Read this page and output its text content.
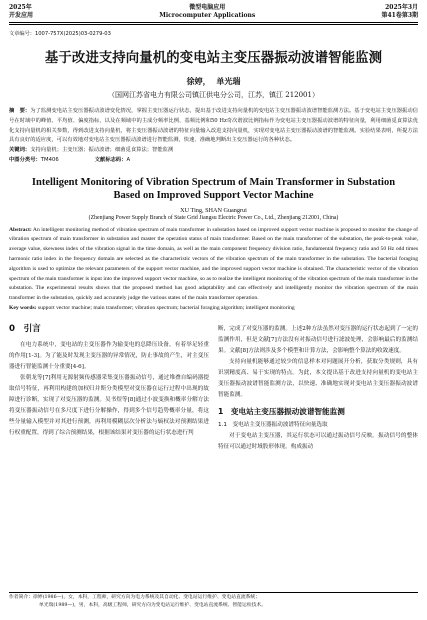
2025年
开发应用
微型电脑应用
Microcomputer Applications
2025年3月
第41卷第3期
文章编号：1007-757X(2025)03-0279-03
基于改进支持向量机的变电站主变压器振动波谱智能监测
徐婷， 单光瑞
（国网江苏省电力有限公司镇江供电分公司，江苏，镇江 212001）
摘　要：为了监测变电站主变压器振动波谱变化情况，掌握主变压器运行状态，提出基于改进支持向量机的变电站主变压器振动波谱智能监测方法。基于变电站主变压器振动信号在时域中的峰值、平均值、偏度指标，以及在频域中的主成分频率比例、基频比例和50 Hz奇次谐波比例指标作为变电站主变压器振动波谱的特征向量，利用细菌觅食算法优化支持向量机的相关参数，得到改进支持向量机，将主变压器振动波谱的特征向量输入改进支持向量机，实现对变电站主变压器振动波谱的智能监测。实验结果表明，所提方法具有良好的适应度，可以有效地对变电站主变压器振动波谱进行智能监测，快速、准确地判断出主变压器运行的各种状态。
关键词：支持向量机；主变压器；振动波谱；细菌觅食算法；智能监测
中图分类号：TM406	文献标志码：A
Intelligent Monitoring of Vibration Spectrum of Main Transformer in Substation
Based on Improved Support Vector Machine
XU Ting, SHAN Guangrui
(Zhenjiang Power Supply Branch of State Grid Jiangsu Electric Power Co., Ltd., Zhenjiang 212001, China)
Abstract: An intelligent monitoring method of vibration spectrum of main transformer in substation based on improved support vector machine is proposed to monitor the change of vibration spectrum of main transformer in substation and master the operation status of main transformer. Based on the main transformer of the substation, the peak-to-peak value, average value, skewness index of the vibration signal in the time domain, as well as the main component frequency division ratio, fundamental frequency ratio and 50 Hz odd times harmonic ratio index in the frequency domain are selected as the characteristic vectors of the vibration spectrum of the main transformer in the substation. The bacterial foraging algorithm is used to optimize the relevant parameters of the support vector machine, and the improved support vector machine is obtained. The characteristic vector of the vibration spectrum of the main transformer is input into the improved support vector machine, so as to realize the intelligent monitoring of the vibration spectrum of the main transformer in the substation. The experimental results shows that the proposed method has good adaptability and can effectively and intelligently monitor the vibration spectrum of the main transformer in the substation, quickly and accurately judge the various states of the main transformer operation.
Key words: support vector machine; main transformer; vibration spectrum; bacterial foraging algorithm; intelligent monitoring
0　引言

在电力系统中，变电站的主变压器作为输变电的总降压设备，有着举足轻重的作用[1-3]。为了能及时发现主变压器的异常情况，防止事故的产生，对主变压器进行智能监测十分重要[4-6]。

张朝龙等[7]利用无源射频传感器采集变压器振动信号，通过堆叠自编码器提取信号特征，再利用构建的加权归并斯分类模型对变压器在运行过程中出现的故障进行诊断，实现了对变压器的监测。吴书煜等[8]通过小波变换和概率分解方法将变压器振动信号在多尺度下进行分解操作，得到多个信号趋势概率分量，将这些分量输入模型并对其进行预测，再利用模糊层次分析法与熵权法对预测结果进行权重配置，得到了综合预测结果，根据该结果对变压器的运行状态进行判

断，完成了对变压器的监测。上述2种方法虽然对变压器的运行状态起到了一定的监测作用，但是文献[7]方法没有对振动信号进行滤波处理，会影响最后的监测结果。文献[8]方法则涉及多个模型和计算方法，会影响整个算法的收敛速度。

支持向量机能够通过较少的信息样本对问题展开分析，获取分类规则，具有识别精度高、易于实现的特点。为此，本文提出基于改进支持向量机的变电站主变压器振动波谱智能监测方法，以快速、准确地实现对变电站主变压器振动波谱智能监测。

1　变电站主变压器振动波谱智能监测
1.1　变电站主变压器振动波谱特征向量选取

对于变电站主变压器，其运行状态可以通过振动信号反映。振动信号的整体特征可以通过时域股形体现。构成振动

作者简介：徐婷(1986—)，女，本科，工程师，研究方向为电力系统及其自动化、变电站运行维护、变电站直流系统；
单光瑞(1989—)，男，本科，高级工程师，研究方向为变电站运行维护、变电站直流系统、智能运检技术。
